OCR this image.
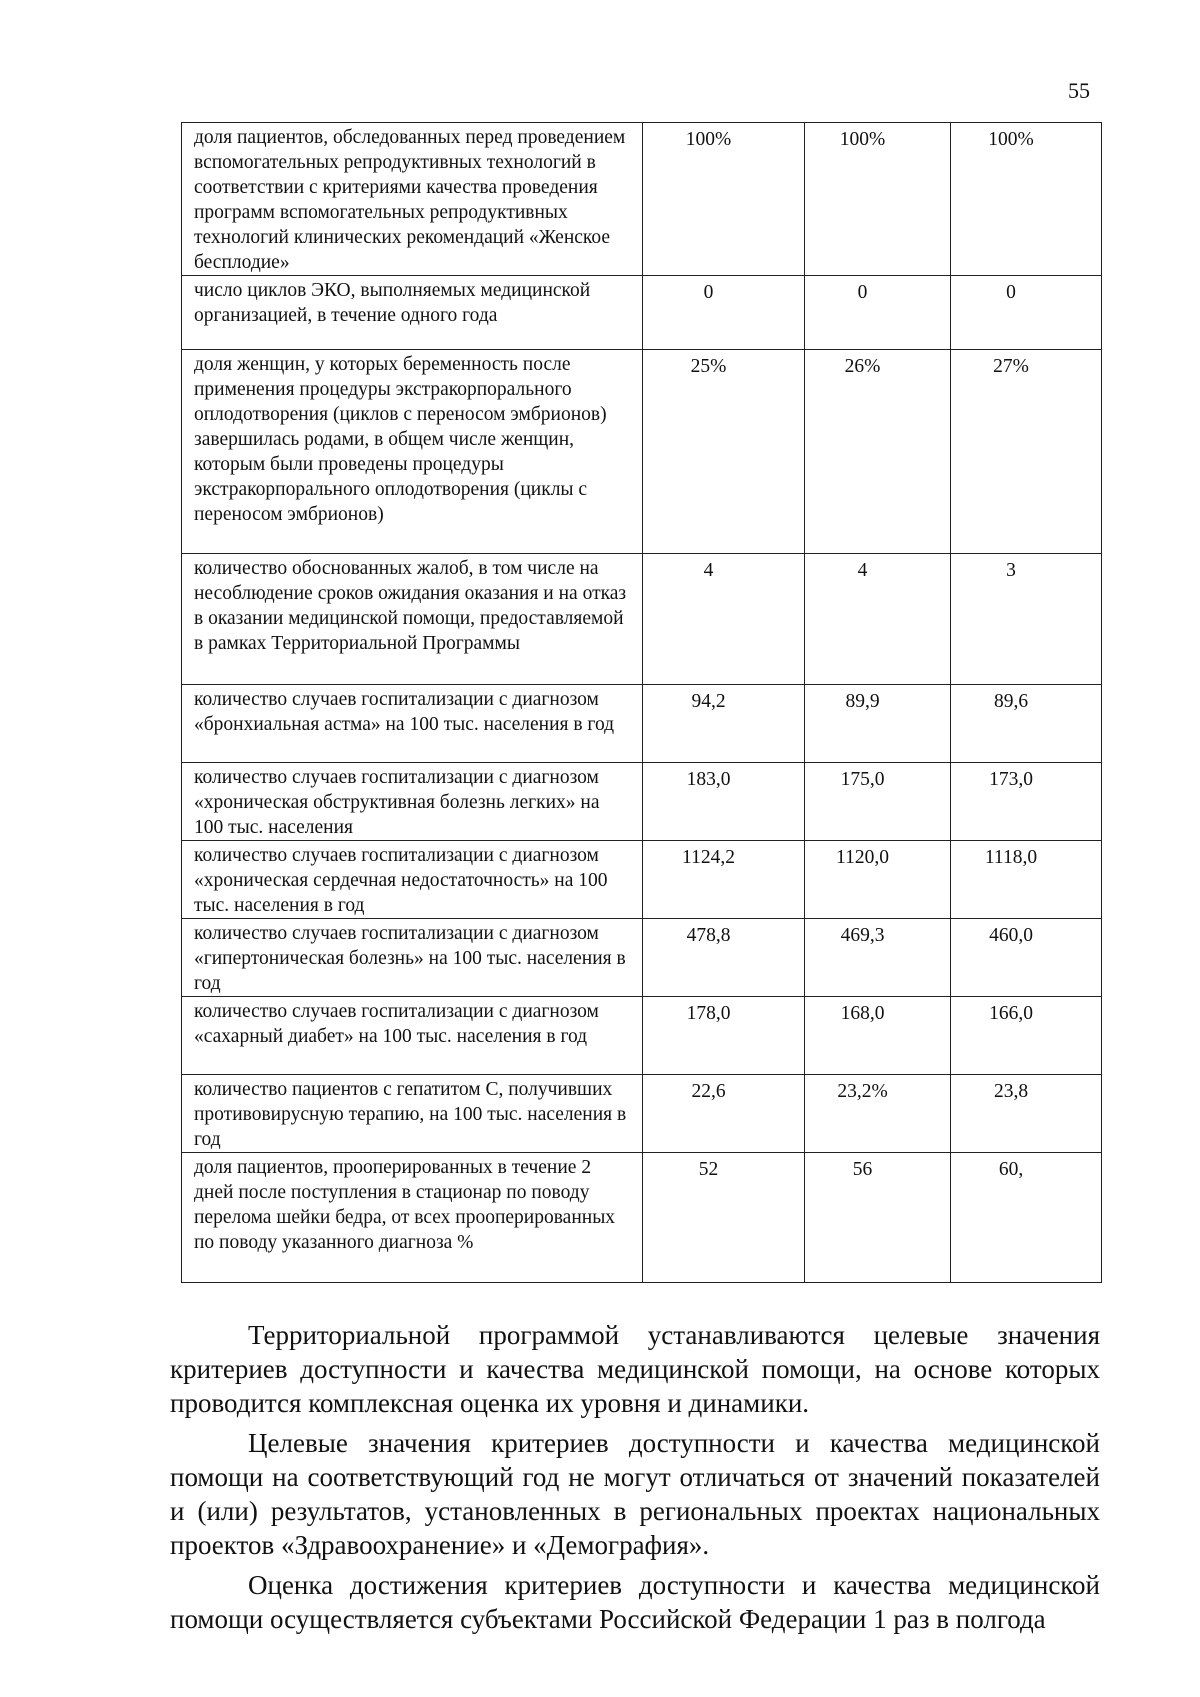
55
доля пациентов, обследованных перед проведением вспомогательных репродуктивных технологий в соответствии с критериями качества проведения программ вспомогательных репродуктивных технологий клинических рекомендаций «Женское бесплодие»	100%	100%	100%
число циклов ЭКО, выполняемых медицинской организацией, в течение одного года	0	0	0
доля женщин, у которых беременность после применения процедуры экстракорпорального оплодотворения (циклов с переносом эмбрионов) завершилась родами, в общем числе женщин, которым были проведены процедуры экстракорпорального оплодотворения (циклы с переносом эмбрионов)	25%	26%	27%
количество обоснованных жалоб, в том числе на несоблюдение сроков ожидания оказания и на отказ в оказании медицинской помощи, предоставляемой в рамках Территориальной Программы	4	4	3
количество случаев госпитализации с диагнозом «бронхиальная астма» на 100 тыс. населения в год	94,2	89,9	89,6
количество случаев госпитализации с диагнозом «хроническая обструктивная болезнь легких» на 100 тыс. населения	183,0	175,0	173,0
количество случаев госпитализации с диагнозом «хроническая сердечная недостаточность» на 100 тыс. населения в год	1124,2	1120,0	1118,0
количество случаев госпитализации с диагнозом «гипертоническая болезнь» на 100 тыс. населения в год	478,8	469,3	460,0
количество случаев госпитализации с диагнозом «сахарный диабет» на 100 тыс. населения в год	178,0	168,0	166,0
количество пациентов с гепатитом С, получивших противовирусную терапию, на 100 тыс. населения в год	22,6	23,2%	23,8
доля пациентов, прооперированных в течение 2 дней после поступления в стационар по поводу перелома шейки бедра, от всех прооперированных по поводу указанного диагноза %	52	56	60,

Территориальной программой устанавливаются целевые значения критериев доступности и качества медицинской помощи, на основе которых проводится комплексная оценка их уровня и динамики.

Целевые значения критериев доступности и качества медицинской помощи на соответствующий год не могут отличаться от значений показателей и (или) результатов, установленных в региональных проектах национальных проектов «Здравоохранение» и «Демография».

Оценка достижения критериев доступности и качества медицинской помощи осуществляется субъектами Российской Федерации 1 раз в полгода
